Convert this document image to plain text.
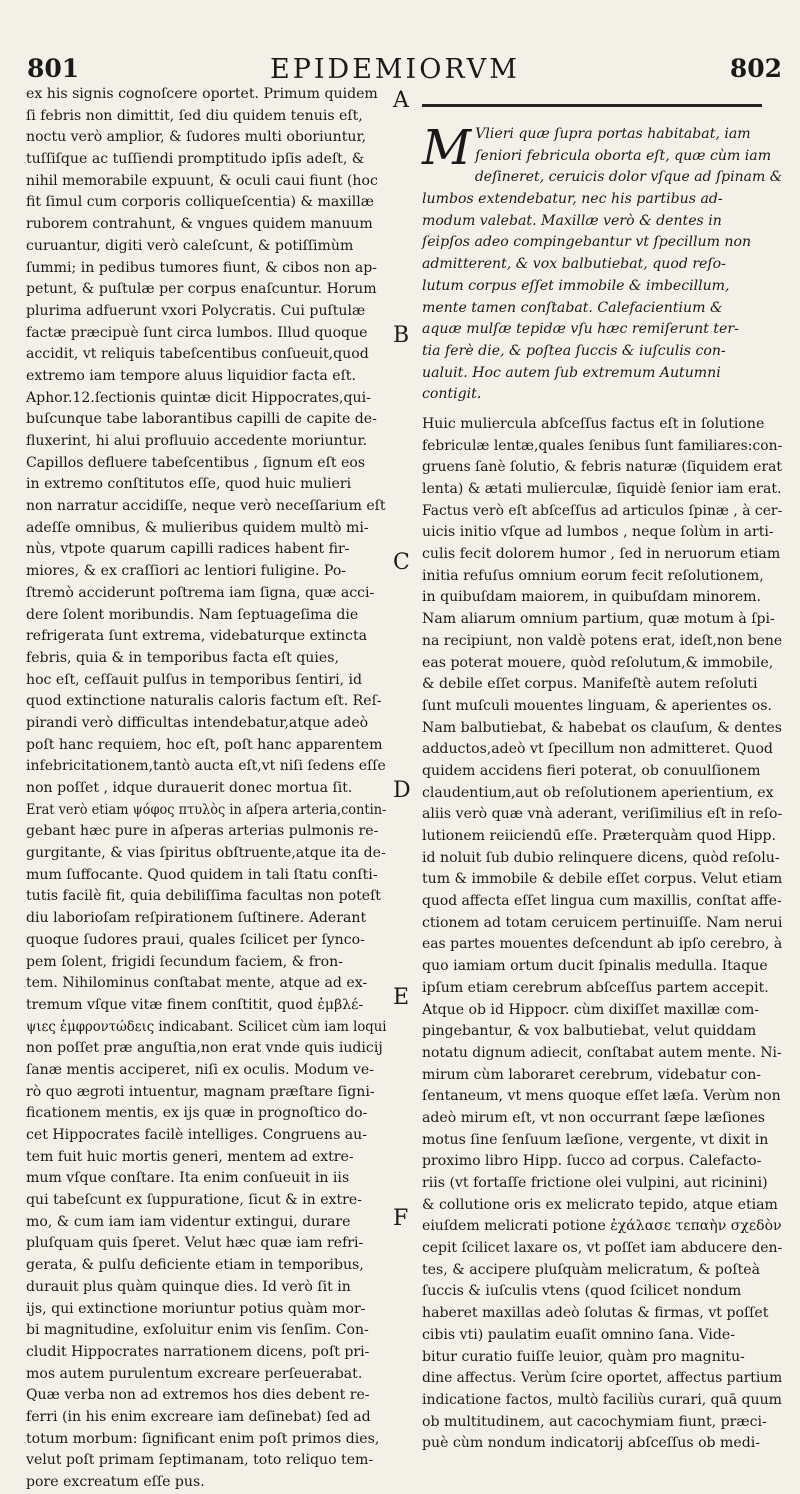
801	EPIDEMIORVM	802
ex his signis cognoſcere oportet. Primum quidem
ſi febris non dimittit, ſed diu quidem tenuis eſt,
noctu verò amplior, & ſudores multi oboriuntur,
tuſſiſque ac tuſſiendi promptitudo ipſis adeſt, &
nihil memorabile expuunt, & oculi caui fiunt (hoc
fit ſimul cum corporis colliqueſcentia) & maxillæ
ruborem contrahunt, & vngues quidem manuum
curuantur, digiti verò caleſcunt, & potiſſimùm
ſummi; in pedibus tumores fiunt, & cibos non ap-
petunt, & puſtulæ per corpus enaſcuntur. Horum
plurima adfuerunt vxori Polycratis. Cui puſtulæ
factæ præcipuè ſunt circa lumbos. Illud quoque
accidit, vt reliquis tabeſcentibus conſueuit,quod
extremo iam tempore aluus liquidior facta eſt.
Aphor.12.ſectionis quintæ dicit Hippocrates,qui-
buſcunque tabe laborantibus capilli de capite de-
fluxerint, hi alui profluuio accedente moriuntur.
Capillos defluere tabeſcentibus , ſignum eſt eos
in extremo conſtitutos eſſe, quod huic mulieri
non narratur accidiſſe, neque verò neceſſarium eſt
adeſſe omnibus, & mulieribus quidem multò mi-
nùs, vtpote quarum capilli radices habent fir-
miores, & ex craſſiori ac lentiori fuligine. Po-
ſtremò acciderunt poſtrema iam ſigna, quæ acci-
dere ſolent moribundis. Nam ſeptuageſima die
refrigerata ſunt extrema, videbaturque extincta
febris, quia & in temporibus facta eſt quies,
hoc eſt, ceſſauit pulſus in temporibus ſentiri, id
quod extinctione naturalis caloris factum eſt. Reſ-
pirandi verò difficultas intendebatur,atque adeò
poſt hanc requiem, hoc eſt, poſt hanc apparentem
infebricitationem,tantò aucta eſt,vt niſi ſedens eſſe
non poſſet , idque durauerit donec mortua ſit.
Erat verò etiam ψόφος πτυλὸς in aſpera arteria,contin-
gebant hæc pure in aſperas arterias pulmonis re-
gurgitante, & vias ſpiritus obſtruente,atque ita de-
mum ſuffocante. Quod quidem in tali ſtatu conſti-
tutis facilè fit, quia debiliſſima facultas non poteſt
diu laborioſam reſpirationem ſuſtinere. Aderant
quoque ſudores praui, quales ſcilicet per ſynco-
pem ſolent, frigidi ſecundum faciem, & fron-
tem. Nihilominus conſtabat mente, atque ad ex-
tremum vſque vitæ finem conſtitit, quod ἐμβλέ-
ψιες ἐμφροντώδεις indicabant. Scilicet cùm iam loqui
non poſſet præ anguſtia,non erat vnde quis iudicij
ſanæ mentis acciperet, niſi ex oculis. Modum ve-
rò quo ægroti intuentur, magnam præſtare ſigni-
ficationem mentis, ex ijs quæ in prognoſtico do-
cet Hippocrates facilè intelliges. Congruens au-
tem fuit huic mortis generi, mentem ad extre-
mum vſque conſtare. Ita enim conſueuit in iis
qui tabeſcunt ex ſuppuratione, ſicut & in extre-
mo, & cum iam iam videntur extingui, durare
pluſquam quis ſperet. Velut hæc quæ iam refri-
gerata, & pulſu deficiente etiam in temporibus,
durauit plus quàm quinque dies. Id verò ſit in
ijs, qui extinctione moriuntur potius quàm mor-
bi magnitudine, exſoluitur enim vis ſenſim. Con-
cludit Hippocrates narrationem dicens, poſt pri-
mos autem purulentum excreare perſeuerabat.
Quæ verba non ad extremos hos dies debent re-
ferri (in his enim excreare iam deſinebat) ſed ad
totum morbum: ſignificant enim poſt primos dies,
velut poſt primam ſeptimanam, toto reliquo tem-
pore excreatum eſſe pus.
M Vlieri quæ ſupra portas habitabat, iam
ſeniori febricula oborta eſt, quæ cùm iam
deſineret, ceruicis dolor vſque ad ſpinam &
lumbos extendebatur, nec his partibus ad-
modum valebat. Maxillæ verò & dentes in
ſeipſos adeo compingebantur vt ſpecillum non
admitterent, & vox balbutiebat, quod reſo-
lutum corpus eſſet immobile & imbecillum,
mente tamen conſtabat. Calefacientium &
aquæ mulſæ tepidæ vſu hæc remiſerunt ter-
tia ferè die, & poſtea ſuccis & iuſculis con-
ualuit. Hoc autem ſub extremum Autumni
contigit.
Huic muliercula abſceſſus factus eſt in ſolutione
febriculæ lentæ,quales ſenibus ſunt familiares:con-
gruens ſanè ſolutio, & febris naturæ (ſiquidem erat
lenta) & ætati mulierculæ, ſiquidè ſenior iam erat.
Factus verò eſt abſceſſus ad articulos ſpinæ , à cer-
uicis initio vſque ad lumbos , neque ſolùm in arti-
culis fecit dolorem humor , ſed in neruorum etiam
initia refuſus omnium eorum fecit reſolutionem,
in quibuſdam maiorem, in quibuſdam minorem.
Nam aliarum omnium partium, quæ motum à ſpi-
na recipiunt, non valdè potens erat, ideſt,non bene
eas poterat mouere, quòd reſolutum,& immobile,
& debile eſſet corpus. Manifeſtè autem reſoluti
ſunt muſculi mouentes linguam, & aperientes os.
Nam balbutiebat, & habebat os clauſum, & dentes
adductos,adeò vt ſpecillum non admitteret. Quod
quidem accidens fieri poterat, ob conuulſionem
claudentium,aut ob reſolutionem aperientium, ex
aliis verò quæ vnà aderant, veriſimilius eſt in reſo-
lutionem reiiciendū eſſe. Præterquàm quod Hipp.
id noluit ſub dubio relinquere dicens, quòd reſolu-
tum & immobile & debile eſſet corpus. Velut etiam
quod affecta eſſet lingua cum maxillis, conſtat affe-
ctionem ad totam ceruicem pertinuiſſe. Nam nerui
eas partes mouentes deſcendunt ab ipſo cerebro, à
quo iamiam ortum ducit ſpinalis medulla. Itaque
ipſum etiam cerebrum abſceſſus partem accepit.
Atque ob id Hippocr. cùm dixiſſet maxillæ com-
pingebantur, & vox balbutiebat, velut quiddam
notatu dignum adiecit, conſtabat autem mente. Ni-
mirum cùm laboraret cerebrum, videbatur con-
ſentaneum, vt mens quoque eſſet læſa. Verùm non
adeò mirum eſt, vt non occurrant ſæpe læſiones
motus ſine ſenſuum læſione, vergente, vt dixit in
proximo libro Hipp. ſucco ad corpus. Calefacto-
riis (vt fortaſſe frictione olei vulpini, aut ricinini)
& collutione oris ex melicrato tepido, atque etiam
eiuſdem melicrati potione ἐχάλασε τεπαὴν σχεδὸν
cepit ſcilicet laxare os, vt poſſet iam abducere den-
tes, & accipere pluſquàm melicratum, & poſteà
ſuccis & iuſculis vtens (quod ſcilicet nondum
haberet maxillas adeò ſolutas & firmas, vt poſſet
cibis vti) paulatim euaſit omnino ſana. Vide-
bitur curatio fuiſſe leuior, quàm pro magnitu-
dine affectus. Verùm ſcire oportet, affectus partium
indicatione factos, multò faciliùs curari, quā quum
ob multitudinem, aut cacochymiam fiunt, præci-
puè cùm nondum indicatorij abſceſſus ob medi-
A
B
C
D
E
F
